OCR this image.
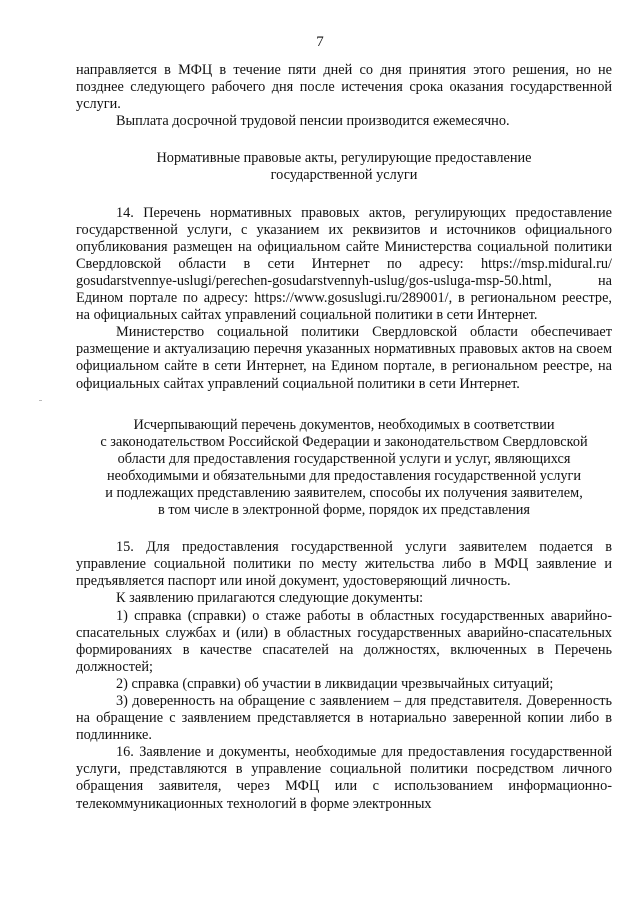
7

направляется в МФЦ в течение пяти дней со дня принятия этого решения, но не позднее следующего рабочего дня после истечения срока оказания государственной услуги.

Выплата досрочной трудовой пенсии производится ежемесячно.

Нормативные правовые акты, регулирующие предоставление

государственной услуги

14. Перечень нормативных правовых актов, регулирующих предоставление государственной услуги, с указанием их реквизитов и источников официального опубликования размещен на официальном сайте Министерства социальной политики Свердловской области в сети Интернет по адресу: https://msp.midural.ru/ gosudarstvennye-uslugi/perechen-gosudarstvennyh-uslug/gos-usluga-msp-50.html, на Едином портале по адресу: https://www.gosuslugi.ru/289001/, в региональном реестре, на официальных сайтах управлений социальной политики в сети Интернет.

Министерство социальной политики Свердловской области обеспечивает размещение и актуализацию перечня указанных нормативных правовых актов на своем официальном сайте в сети Интернет, на Едином портале, в региональном реестре, на официальных сайтах управлений социальной политики в сети Интернет.

Исчерпывающий перечень документов, необходимых в соответствии

с законодательством Российской Федерации и законодательством Свердловской

области для предоставления государственной услуги и услуг, являющихся

необходимыми и обязательными для предоставления государственной услуги

и подлежащих представлению заявителем, способы их получения заявителем,

в том числе в электронной форме, порядок их представления

15. Для предоставления государственной услуги заявителем подается в управление социальной политики по месту жительства либо в МФЦ заявление и предъявляется паспорт или иной документ, удостоверяющий личность.

К заявлению прилагаются следующие документы:

1) справка (справки) о стаже работы в областных государственных аварийно-спасательных службах и (или) в областных государственных аварийно-спасательных формированиях в качестве спасателей на должностях, включенных в Перечень должностей;

2) справка (справки) об участии в ликвидации чрезвычайных ситуаций;

3) доверенность на обращение с заявлением – для представителя. Доверенность на обращение с заявлением представляется в нотариально заверенной копии либо в подлиннике.

16. Заявление и документы, необходимые для предоставления государственной услуги, представляются в управление социальной политики посредством личного обращения заявителя, через МФЦ или с использованием информационно-телекоммуникационных технологий в форме электронных
